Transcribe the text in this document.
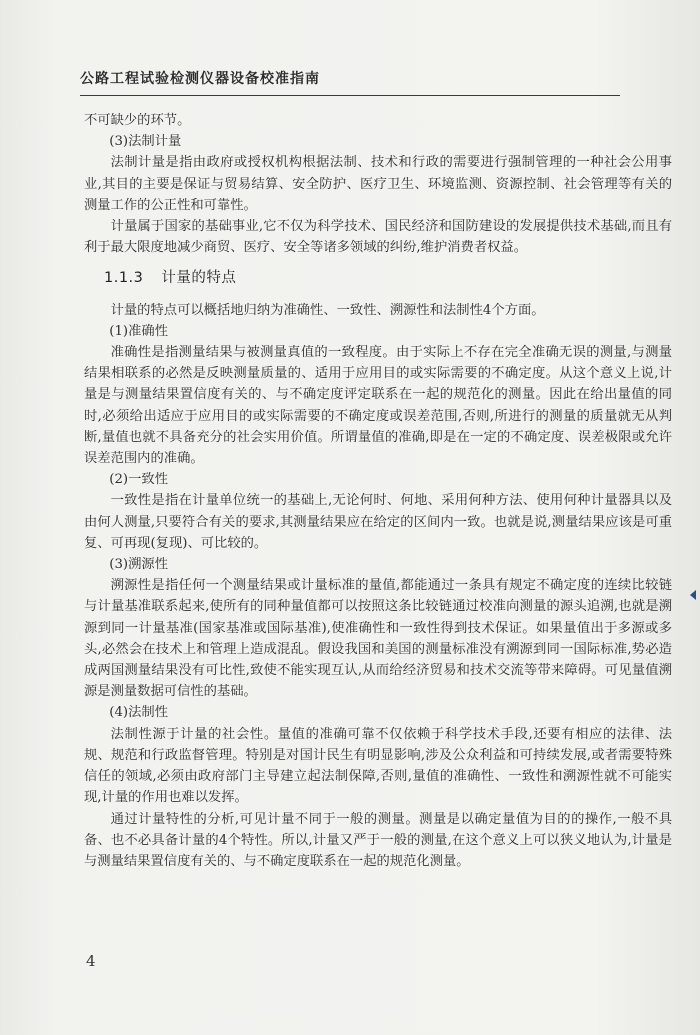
公路工程试验检测仪器设备校准指南

不可缺少的环节。

(3)法制计量

法制计量是指由政府或授权机构根据法制、技术和行政的需要进行强制管理的一种社会公用事业,其目的主要是保证与贸易结算、安全防护、医疗卫生、环境监测、资源控制、社会管理等有关的测量工作的公正性和可靠性。

计量属于国家的基础事业,它不仅为科学技术、国民经济和国防建设的发展提供技术基础,而且有利于最大限度地减少商贸、医疗、安全等诸多领域的纠纷,维护消费者权益。

1.1.3 计量的特点

计量的特点可以概括地归纳为准确性、一致性、溯源性和法制性4个方面。

(1)准确性

准确性是指测量结果与被测量真值的一致程度。由于实际上不存在完全准确无误的测量,与测量结果相联系的必然是反映测量质量的、适用于应用目的或实际需要的不确定度。从这个意义上说,计量是与测量结果置信度有关的、与不确定度评定联系在一起的规范化的测量。因此在给出量值的同时,必须给出适应于应用目的或实际需要的不确定度或误差范围,否则,所进行的测量的质量就无从判断,量值也就不具备充分的社会实用价值。所谓量值的准确,即是在一定的不确定度、误差极限或允许误差范围内的准确。

(2)一致性

一致性是指在计量单位统一的基础上,无论何时、何地、采用何种方法、使用何种计量器具以及由何人测量,只要符合有关的要求,其测量结果应在给定的区间内一致。也就是说,测量结果应该是可重复、可再现(复现)、可比较的。

(3)溯源性

溯源性是指任何一个测量结果或计量标准的量值,都能通过一条具有规定不确定度的连续比较链与计量基准联系起来,使所有的同种量值都可以按照这条比较链通过校准向测量的源头追溯,也就是溯源到同一计量基准(国家基准或国际基准),使准确性和一致性得到技术保证。如果量值出于多源或多头,必然会在技术上和管理上造成混乱。假设我国和美国的测量标准没有溯源到同一国际标准,势必造成两国测量结果没有可比性,致使不能实现互认,从而给经济贸易和技术交流等带来障碍。可见量值溯源是测量数据可信性的基础。

(4)法制性

法制性源于计量的社会性。量值的准确可靠不仅依赖于科学技术手段,还要有相应的法律、法规、规范和行政监督管理。特别是对国计民生有明显影响,涉及公众利益和可持续发展,或者需要特殊信任的领域,必须由政府部门主导建立起法制保障,否则,量值的准确性、一致性和溯源性就不可能实现,计量的作用也难以发挥。

通过计量特性的分析,可见计量不同于一般的测量。测量是以确定量值为目的的操作,一般不具备、也不必具备计量的4个特性。所以,计量又严于一般的测量,在这个意义上可以狭义地认为,计量是与测量结果置信度有关的、与不确定度联系在一起的规范化测量。

4
